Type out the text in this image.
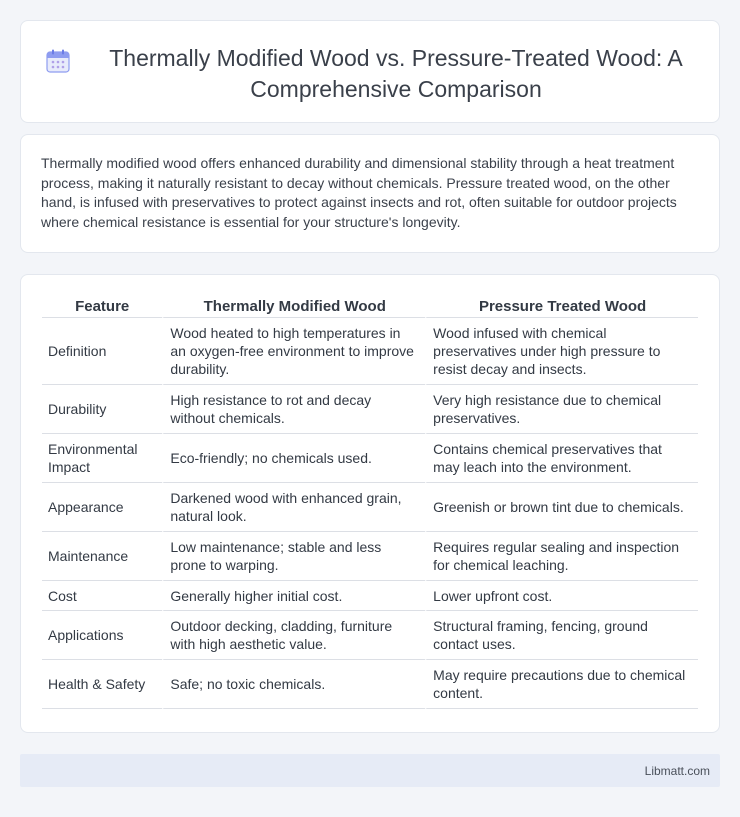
Thermally Modified Wood vs. Pressure-Treated Wood: A Comprehensive Comparison

Thermally modified wood offers enhanced durability and dimensional stability through a heat treatment process, making it naturally resistant to decay without chemicals. Pressure treated wood, on the other hand, is infused with preservatives to protect against insects and rot, often suitable for outdoor projects where chemical resistance is essential for your structure's longevity.

Feature	Thermally Modified Wood	Pressure Treated Wood
Definition	Wood heated to high temperatures in an oxygen-free environment to improve durability.	Wood infused with chemical preservatives under high pressure to resist decay and insects.
Durability	High resistance to rot and decay without chemicals.	Very high resistance due to chemical preservatives.
Environmental Impact	Eco-friendly; no chemicals used.	Contains chemical preservatives that may leach into the environment.
Appearance	Darkened wood with enhanced grain, natural look.	Greenish or brown tint due to chemicals.
Maintenance	Low maintenance; stable and less prone to warping.	Requires regular sealing and inspection for chemical leaching.
Cost	Generally higher initial cost.	Lower upfront cost.
Applications	Outdoor decking, cladding, furniture with high aesthetic value.	Structural framing, fencing, ground contact uses.
Health & Safety	Safe; no toxic chemicals.	May require precautions due to chemical content.
Libmatt.com
